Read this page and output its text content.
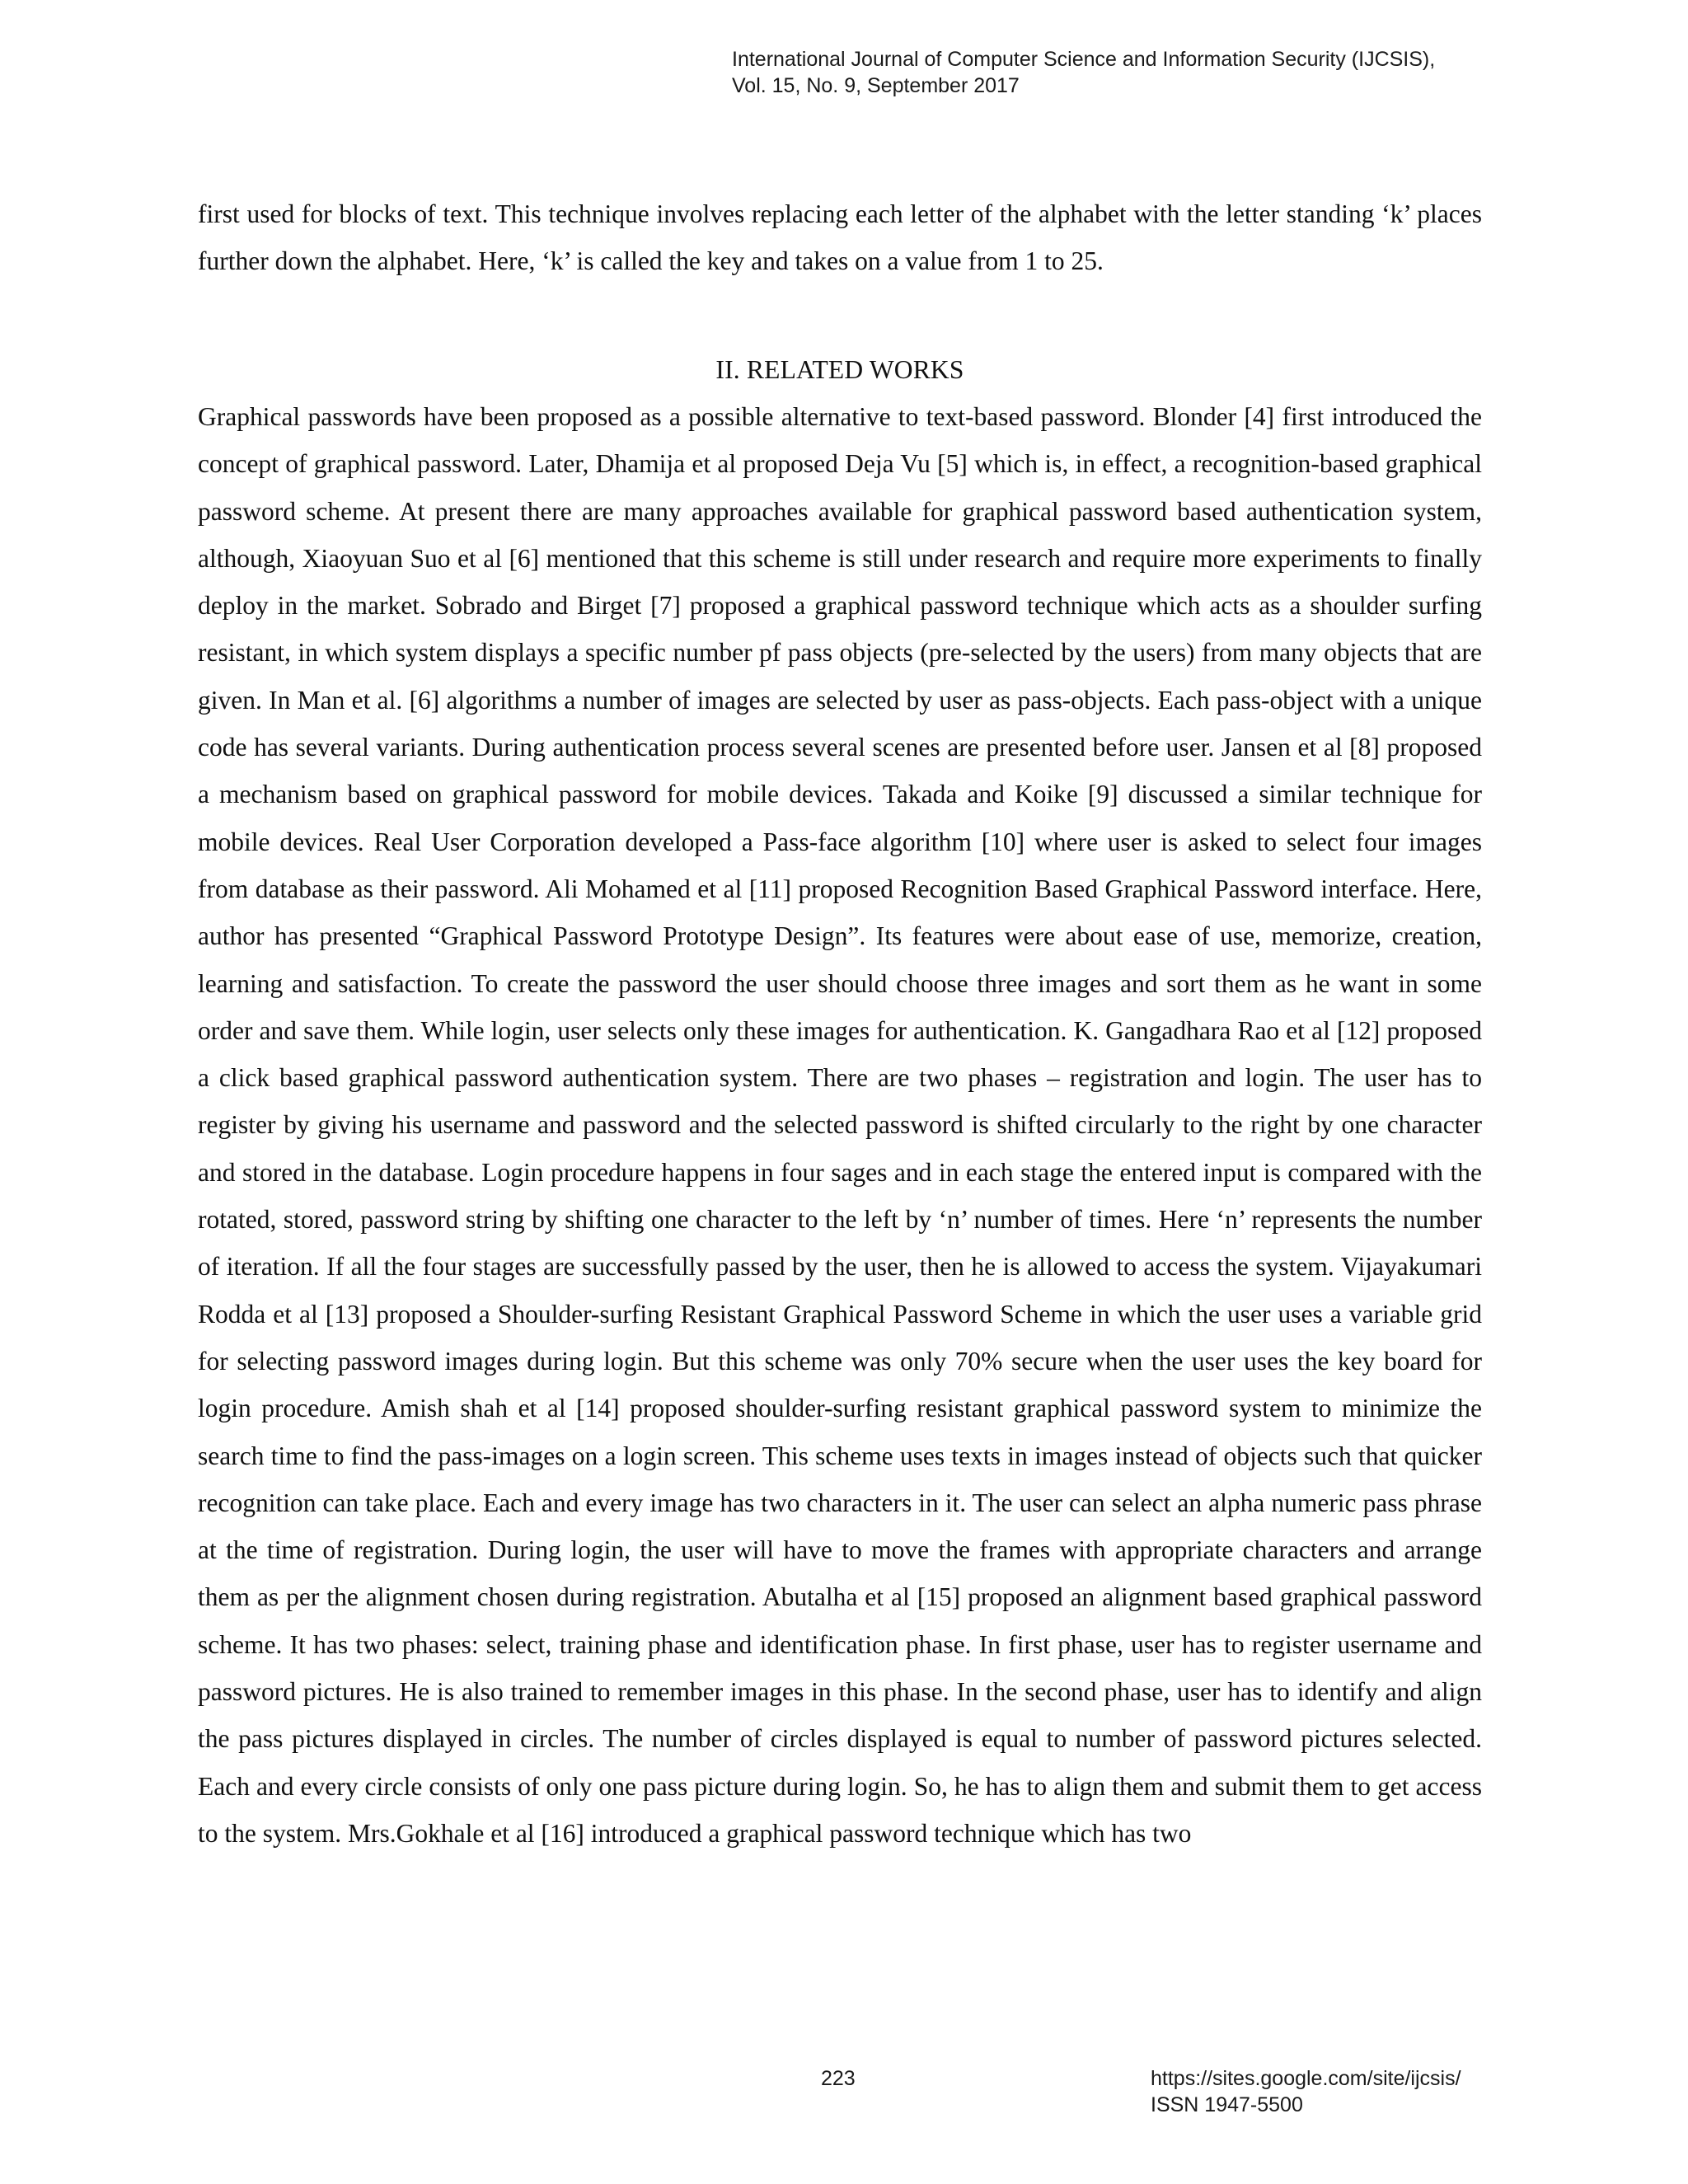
International Journal of Computer Science and Information Security (IJCSIS),
Vol. 15, No. 9, September 2017

first used for blocks of text. This technique involves replacing each letter of the alphabet with the letter standing ‘k’ places further down the alphabet. Here, ‘k’ is called the key and takes on a value from 1 to 25.

II. RELATED WORKS

Graphical passwords have been proposed as a possible alternative to text-based password. Blonder [4] first introduced the concept of graphical password. Later, Dhamija et al proposed Deja Vu [5] which is, in effect, a recognition-based graphical password scheme. At present there are many approaches available for graphical password based authentication system, although, Xiaoyuan Suo et al [6] mentioned that this scheme is still under research and require more experiments to finally deploy in the market. Sobrado and Birget [7] proposed a graphical password technique which acts as a shoulder surfing resistant, in which system displays a specific number pf pass objects (pre-selected by the users) from many objects that are given. In Man et al. [6] algorithms a number of images are selected by user as pass-objects. Each pass-object with a unique code has several variants. During authentication process several scenes are presented before user. Jansen et al [8] proposed a mechanism based on graphical password for mobile devices. Takada and Koike [9] discussed a similar technique for mobile devices. Real User Corporation developed a Pass-face algorithm [10] where user is asked to select four images from database as their password. Ali Mohamed et al [11] proposed Recognition Based Graphical Password interface. Here, author has presented “Graphical Password Prototype Design”. Its features were about ease of use, memorize, creation, learning and satisfaction. To create the password the user should choose three images and sort them as he want in some order and save them. While login, user selects only these images for authentication. K. Gangadhara Rao et al [12] proposed a click based graphical password authentication system. There are two phases – registration and login. The user has to register by giving his username and password and the selected password is shifted circularly to the right by one character and stored in the database. Login procedure happens in four sages and in each stage the entered input is compared with the rotated, stored, password string by shifting one character to the left by ‘n’ number of times. Here ‘n’ represents the number of iteration. If all the four stages are successfully passed by the user, then he is allowed to access the system. Vijayakumari Rodda et al [13] proposed a Shoulder-surfing Resistant Graphical Password Scheme in which the user uses a variable grid for selecting password images during login. But this scheme was only 70% secure when the user uses the key board for login procedure. Amish shah et al [14] proposed shoulder-surfing resistant graphical password system to minimize the search time to find the pass-images on a login screen. This scheme uses texts in images instead of objects such that quicker recognition can take place. Each and every image has two characters in it. The user can select an alpha numeric pass phrase at the time of registration. During login, the user will have to move the frames with appropriate characters and arrange them as per the alignment chosen during registration. Abutalha et al [15] proposed an alignment based graphical password scheme. It has two phases: select, training phase and identification phase. In first phase, user has to register username and password pictures. He is also trained to remember images in this phase. In the second phase, user has to identify and align the pass pictures displayed in circles. The number of circles displayed is equal to number of password pictures selected. Each and every circle consists of only one pass picture during login. So, he has to align them and submit them to get access to the system. Mrs.Gokhale et al [16] introduced a graphical password technique which has two

223	https://sites.google.com/site/ijcsis/
ISSN 1947-5500
